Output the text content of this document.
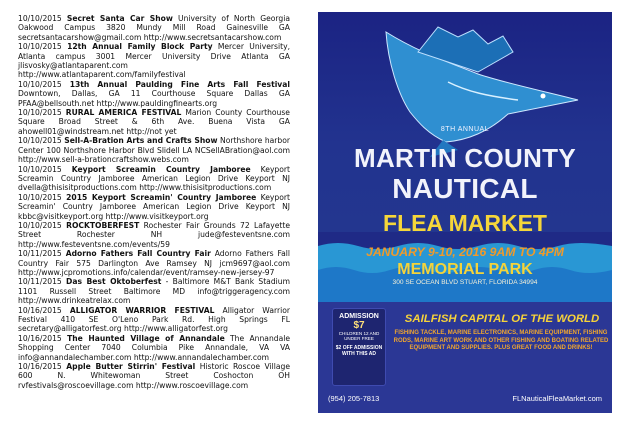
10/10/2015 Secret Santa Car Show University of North Georgia Oakwood Campus 3820 Mundy Mill Road Gainesville GA secretsantacarshow@gmail.com http://www.secretsantacarshow.com
10/10/2015 12th Annual Family Block Party Mercer University, Atlanta campus 3001 Mercer University Drive Atlanta GA jlisvosky@atlantaparent.com http://www.atlantaparent.com/familyfestival
10/10/2015 13th Annual Paulding Fine Arts Fall Festival Downtown, Dallas, GA 11 Courthouse Square Dallas GA PFAA@bellsouth.net http://www.pauldingfinearts.org
10/10/2015 RURAL AMERICA FESTIVAL Marion County Courthouse Square Broad Street & 6th Ave. Buena Vista GA ahowell01@windstream.net http://not yet
10/10/2015 Sell-A-Bration Arts and Crafts Show Northshore harbor Center 100 Northshore Harbor Blvd Slidell LA NCSellABration@aol.com http://www.sell-a-brationcraftshow.webs.com
10/10/2015 Keyport Screamin Country Jamboree Keyport Screamin Country Jamboree American Legion Drive Keyport NJ dvella@thisisitproductions.com http://www.thisisitproductions.com
10/10/2015 2015 Keyport Screamin' Country Jamboree Keyport Screamin' Country Jamboree American Legion Drive Keyport NJ kbbc@visitkeyport.org http://www.visitkeyport.org
10/10/2015 ROCKTOBERFEST Rochester Fair Grounds 72 Lafayette Street Rochester NH jude@festeventsne.com http://www.festeventsne.com/events/59
10/11/2015 Adorno Fathers Fall Country Fair Adorno Fathers Fall Country Fair 575 Darlington Ave Ramsey NJ jcm9697@aol.com http://www.jcpromotions.info/calendar/event/ramsey-new-jersey-97
10/11/2015 Das Best Oktoberfest - Baltimore M&T Bank Stadium 1101 Russell Street Baltimore MD info@triggeragency.com http://www.drinkeatrelax.com
10/16/2015 ALLIGATOR WARRIOR FESTIVAL Alligator Warrior Festival 410 SE O'Leno Park Rd. High Springs FL secretary@alligatorfest.org http://www.alligatorfest.org
10/16/2015 The Haunted Village of Annandale The Annandale Shopping Center 7040 Columbia Pike Annandale, VA VA info@annandalechamber.com http://www.annandalechamber.com
10/16/2015 Apple Butter Stirrin' Festival Historic Roscoe Village 600 N. Whitewoman Street Coshocton OH rvfestivals@roscoevillage.com http://www.roscoevillage.com
8TH ANNUAL
MARTIN COUNTY
NAUTICAL
FLEA MARKET
JANUARY 9-10, 2016 9AM TO 4PM
MEMORIAL PARK
300 SE OCEAN BLVD STUART, FLORIDA 34994
ADMISSION
$7
CHILDREN 12 AND UNDER FREE
$2 OFF ADMISSION WITH THIS AD
SAILFISH CAPITAL OF THE WORLD
FISHING TACKLE, MARINE ELECTRONICS, MARINE EQUIPMENT, FISHING RODS, MARINE ART WORK AND OTHER FISHING AND BOATING RELATED EQUIPMENT AND SUPPLIES. PLUS GREAT FOOD AND DRINKS!
(954) 205-7813	FLNauticalFleaMarket.com
